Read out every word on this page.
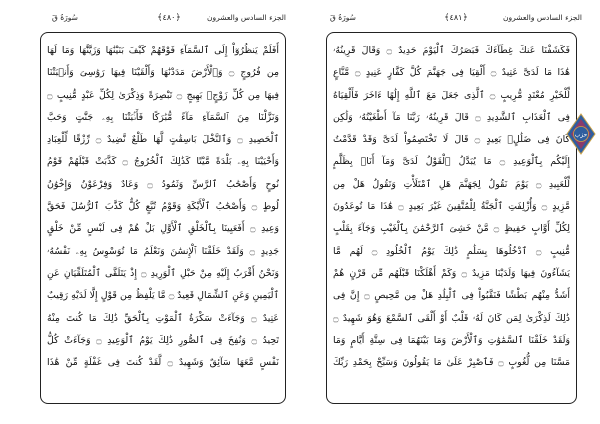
سُورَةُ قٓ	﴿٤٨٠﴾	الجزء السادس والعشرون
أَفَلَمْ يَنظُرُوٓاْ إِلَى ٱلسَّمَآءِ فَوْقَهُمْ كَيْفَ بَنَيْنَٰهَا وَزَيَّنَّٰهَا وَمَا لَهَا
مِن فُرُوجٍ ۝ وَٱلْأَرْضَ مَدَدْنَٰهَا وَأَلْقَيْنَا فِيهَا رَوَٰسِىَ وَأَنۢبَتْنَا
فِيهَا مِن كُلِّ زَوْجٍۭ بَهِيجٍ ۝ تَبْصِرَةً وَذِكْرَىٰ لِكُلِّ عَبْدٍ مُّنِيبٍ ۝
وَنَزَّلْنَا مِنَ ٱلسَّمَآءِ مَآءً مُّبَٰرَكًا فَأَنۢبَتْنَا بِهِۦ جَنَّٰتٍ وَحَبَّ
ٱلْحَصِيدِ ۝ وَٱلنَّخْلَ بَاسِقَٰتٍ لَّهَا طَلْعٌ نَّضِيدٌ ۝ رِّزْقًا لِّلْعِبَادِ
وَأَحْيَيْنَا بِهِۦ بَلْدَةً مَّيْتًا كَذَٰلِكَ ٱلْخُرُوجُ ۝ كَذَّبَتْ قَبْلَهُمْ قَوْمُ
نُوحٍ وَأَصْحَٰبُ ٱلرَّسِّ وَثَمُودُ ۝ وَعَادٌ وَفِرْعَوْنُ وَإِخْوَٰنُ
لُوطٍ ۝ وَأَصْحَٰبُ ٱلْأَيْكَةِ وَقَوْمُ تُبَّعٍ كُلٌّ كَذَّبَ ٱلرُّسُلَ فَحَقَّ
وَعِيدِ ۝ أَفَعَيِينَا بِٱلْخَلْقِ ٱلْأَوَّلِ بَلْ هُمْ فِى لَبْسٍ مِّنْ خَلْقٍ
جَدِيدٍ ۝ وَلَقَدْ خَلَقْنَا ٱلْإِنسَٰنَ وَنَعْلَمُ مَا تُوَسْوِسُ بِهِۦ نَفْسُهُۥ
وَنَحْنُ أَقْرَبُ إِلَيْهِ مِنْ حَبْلِ ٱلْوَرِيدِ ۝ إِذْ يَتَلَقَّى ٱلْمُتَلَقِّيَانِ عَنِ
ٱلْيَمِينِ وَعَنِ ٱلشِّمَالِ قَعِيدٌ ۝ مَّا يَلْفِظُ مِن قَوْلٍ إِلَّا لَدَيْهِ رَقِيبٌ
عَتِيدٌ ۝ وَجَآءَتْ سَكْرَةُ ٱلْمَوْتِ بِٱلْحَقِّ ذَٰلِكَ مَا كُنتَ مِنْهُ
تَحِيدُ ۝ وَنُفِخَ فِى ٱلصُّورِ ذَٰلِكَ يَوْمُ ٱلْوَعِيدِ ۝ وَجَآءَتْ كُلُّ
نَفْسٍ مَّعَهَا سَآئِقٌ وَشَهِيدٌ ۝ لَّقَدْ كُنتَ فِى غَفْلَةٍ مِّنْ هَٰذَا
سُورَةُ قٓ	﴿٤٨١﴾	الجزء السادس والعشرون
فَكَشَفْنَا عَنكَ غِطَآءَكَ فَبَصَرُكَ ٱلْيَوْمَ حَدِيدٌ ۝ وَقَالَ قَرِينُهُۥ
هَٰذَا مَا لَدَىَّ عَتِيدٌ ۝ أَلْقِيَا فِى جَهَنَّمَ كُلَّ كَفَّارٍ عَنِيدٍ ۝ مَّنَّاعٍ
لِّلْخَيْرِ مُعْتَدٍ مُّرِيبٍ ۝ ٱلَّذِى جَعَلَ مَعَ ٱللَّهِ إِلَٰهًا ءَاخَرَ فَأَلْقِيَاهُ
فِى ٱلْعَذَابِ ٱلشَّدِيدِ ۝ قَالَ قَرِينُهُۥ رَبَّنَا مَآ أَطْغَيْتُهُۥ وَلَٰكِن
كَانَ فِى ضَلَٰلٍۭ بَعِيدٍ ۝ قَالَ لَا تَخْتَصِمُواْ لَدَىَّ وَقَدْ قَدَّمْتُ
إِلَيْكُم بِٱلْوَعِيدِ ۝ مَا يُبَدَّلُ ٱلْقَوْلُ لَدَىَّ وَمَآ أَنَا۠ بِظَلَّٰمٍ
لِّلْعَبِيدِ ۝ يَوْمَ نَقُولُ لِجَهَنَّمَ هَلِ ٱمْتَلَأْتِ وَتَقُولُ هَلْ مِن
مَّزِيدٍ ۝ وَأُزْلِفَتِ ٱلْجَنَّةُ لِلْمُتَّقِينَ غَيْرَ بَعِيدٍ ۝ هَٰذَا مَا تُوعَدُونَ
لِكُلِّ أَوَّابٍ حَفِيظٍ ۝ مَّنْ خَشِىَ ٱلرَّحْمَٰنَ بِٱلْغَيْبِ وَجَآءَ بِقَلْبٍ
مُّنِيبٍ ۝ ٱدْخُلُوهَا بِسَلَٰمٍ ذَٰلِكَ يَوْمُ ٱلْخُلُودِ ۝ لَهُم مَّا
يَشَآءُونَ فِيهَا وَلَدَيْنَا مَزِيدٌ ۝ وَكَمْ أَهْلَكْنَا قَبْلَهُم مِّن قَرْنٍ هُمْ
أَشَدُّ مِنْهُم بَطْشًا فَنَقَّبُواْ فِى ٱلْبِلَٰدِ هَلْ مِن مَّحِيصٍ ۝ إِنَّ فِى
ذَٰلِكَ لَذِكْرَىٰ لِمَن كَانَ لَهُۥ قَلْبٌ أَوْ أَلْقَى ٱلسَّمْعَ وَهُوَ شَهِيدٌ ۝
وَلَقَدْ خَلَقْنَا ٱلسَّمَٰوَٰتِ وَٱلْأَرْضَ وَمَا بَيْنَهُمَا فِى سِتَّةِ أَيَّامٍ وَمَا
مَسَّنَا مِن لُّغُوبٍ ۝ فَٱصْبِرْ عَلَىٰ مَا يَقُولُونَ وَسَبِّحْ بِحَمْدِ رَبِّكَ
حزب
